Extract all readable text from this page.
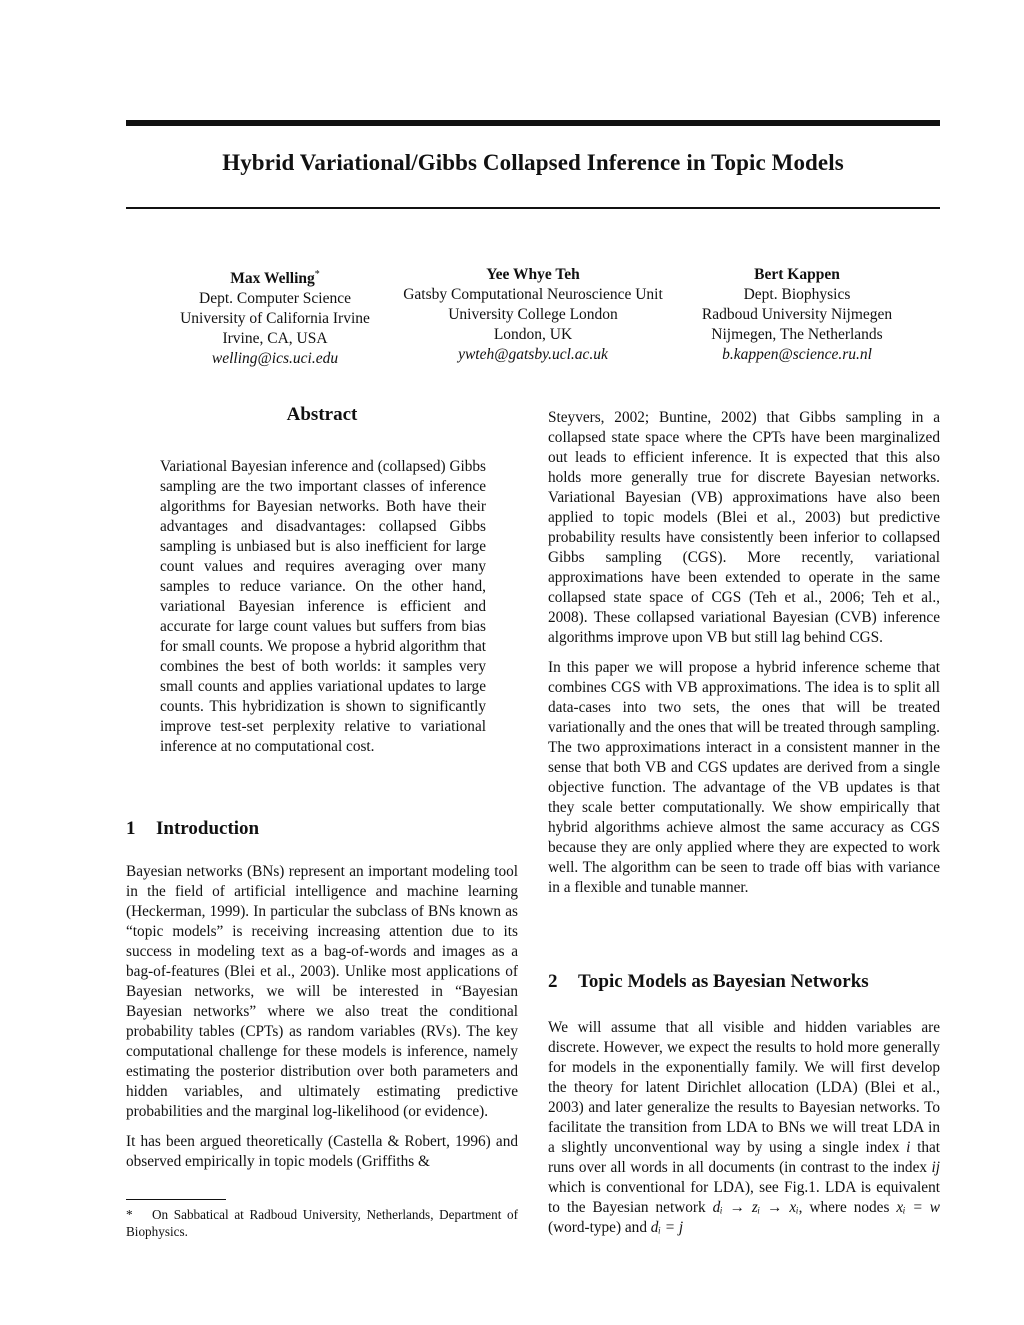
Hybrid Variational/Gibbs Collapsed Inference in Topic Models
Max Welling*
Dept. Computer Science
University of California Irvine
Irvine, CA, USA
welling@ics.uci.edu
Yee Whye Teh
Gatsby Computational Neuroscience Unit
University College London
London, UK
ywteh@gatsby.ucl.ac.uk
Bert Kappen
Dept. Biophysics
Radboud University Nijmegen
Nijmegen, The Netherlands
b.kappen@science.ru.nl
Abstract
Variational Bayesian inference and (collapsed) Gibbs sampling are the two important classes of inference algorithms for Bayesian networks. Both have their advantages and disadvantages: collapsed Gibbs sampling is unbiased but is also inefficient for large count values and requires averaging over many samples to reduce variance. On the other hand, variational Bayesian inference is efficient and accurate for large count values but suffers from bias for small counts. We propose a hybrid algorithm that combines the best of both worlds: it samples very small counts and applies variational updates to large counts. This hybridization is shown to significantly improve test-set perplexity relative to variational inference at no computational cost.
1 Introduction

Bayesian networks (BNs) represent an important modeling tool in the field of artificial intelligence and machine learning (Heckerman, 1999). In particular the subclass of BNs known as “topic models” is receiving increasing attention due to its success in modeling text as a bag-of-words and images as a bag-of-features (Blei et al., 2003). Unlike most applications of Bayesian networks, we will be interested in “Bayesian Bayesian networks” where we also treat the conditional probability tables (CPTs) as random variables (RVs). The key computational challenge for these models is inference, namely estimating the posterior distribution over both parameters and hidden variables, and ultimately estimating predictive probabilities and the marginal log-likelihood (or evidence).

It has been argued theoretically (Castella & Robert, 1996) and observed empirically in topic models (Griffiths &

* On Sabbatical at Radboud University, Netherlands, Department of Biophysics.

Steyvers, 2002; Buntine, 2002) that Gibbs sampling in a collapsed state space where the CPTs have been marginalized out leads to efficient inference. It is expected that this also holds more generally true for discrete Bayesian networks. Variational Bayesian (VB) approximations have also been applied to topic models (Blei et al., 2003) but predictive probability results have consistently been inferior to collapsed Gibbs sampling (CGS). More recently, variational approximations have been extended to operate in the same collapsed state space of CGS (Teh et al., 2006; Teh et al., 2008). These collapsed variational Bayesian (CVB) inference algorithms improve upon VB but still lag behind CGS.

In this paper we will propose a hybrid inference scheme that combines CGS with VB approximations. The idea is to split all data-cases into two sets, the ones that will be treated variationally and the ones that will be treated through sampling. The two approximations interact in a consistent manner in the sense that both VB and CGS updates are derived from a single objective function. The advantage of the VB updates is that they scale better computationally. We show empirically that hybrid algorithms achieve almost the same accuracy as CGS because they are only applied where they are expected to work well. The algorithm can be seen to trade off bias with variance in a flexible and tunable manner.

2 Topic Models as Bayesian Networks

We will assume that all visible and hidden variables are discrete. However, we expect the results to hold more generally for models in the exponentially family. We will first develop the theory for latent Dirichlet allocation (LDA) (Blei et al., 2003) and later generalize the results to Bayesian networks. To facilitate the transition from LDA to BNs we will treat LDA in a slightly unconventional way by using a single index i that runs over all words in all documents (in contrast to the index ij which is conventional for LDA), see Fig.1. LDA is equivalent to the Bayesian network dᵢ → zᵢ → xᵢ, where nodes xᵢ = w (word-type) and dᵢ = j
